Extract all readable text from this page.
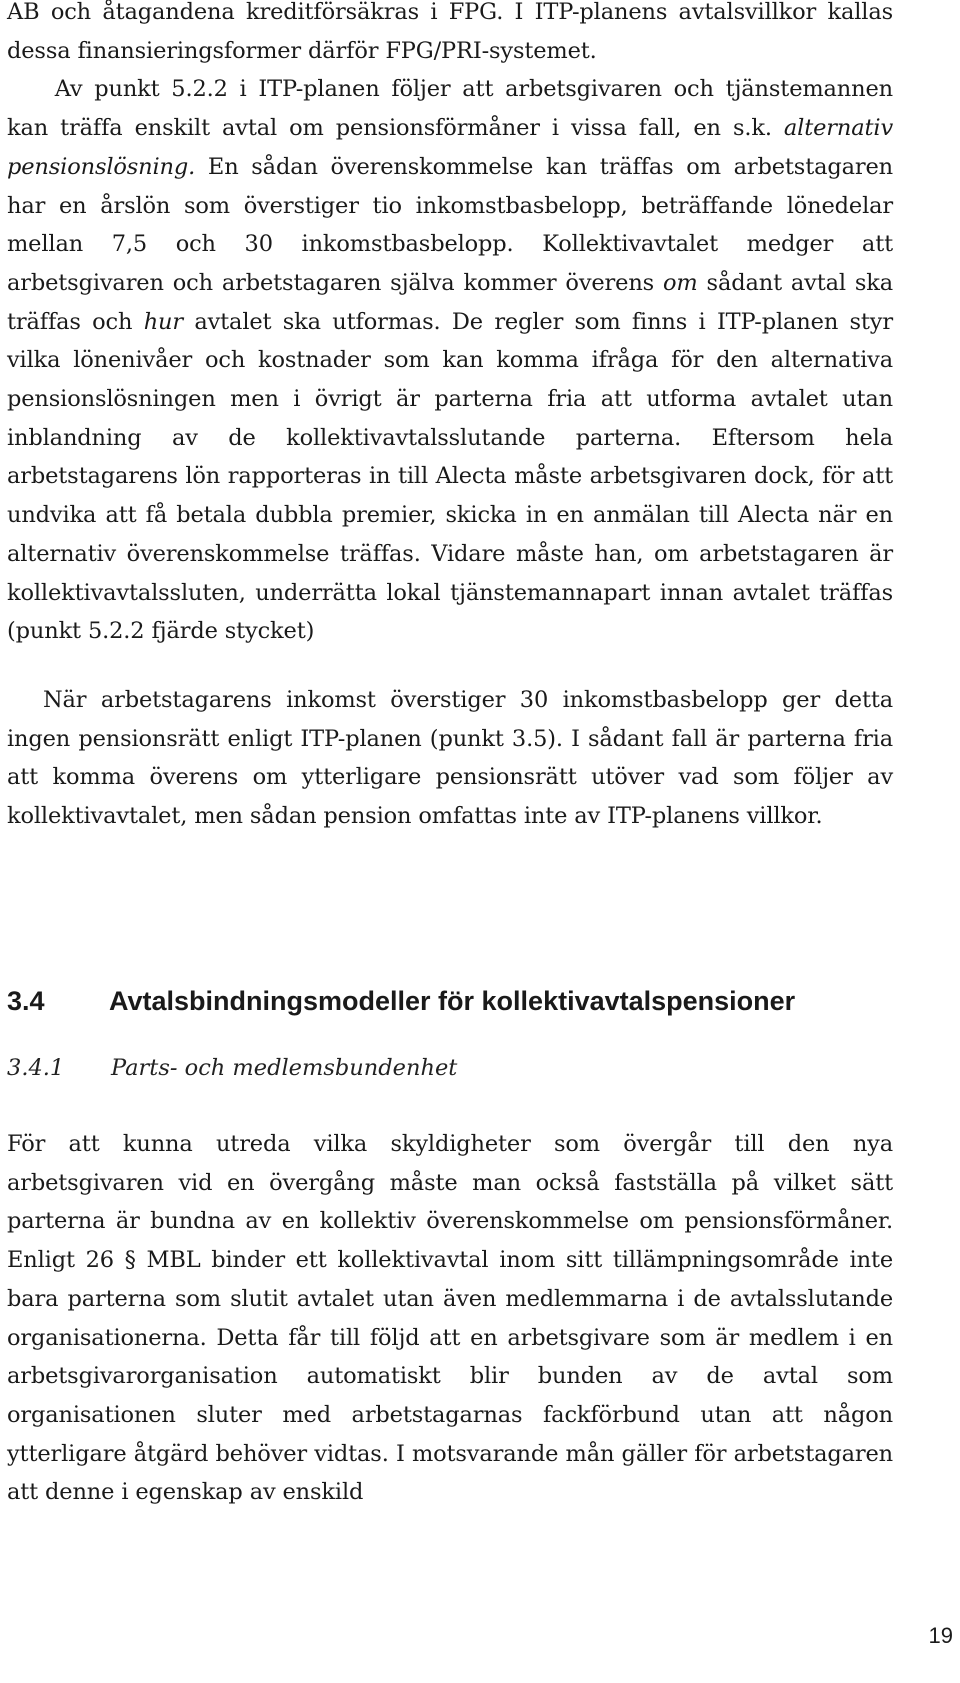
AB och åtagandena kreditförsäkras i FPG. I ITP-planens avtalsvillkor kallas dessa finansieringsformer därför FPG/PRI-systemet.
Av punkt 5.2.2 i ITP-planen följer att arbetsgivaren och tjänstemannen kan träffa enskilt avtal om pensionsförmåner i vissa fall, en s.k. alternativ pensionslösning. En sådan överenskommelse kan träffas om arbetstagaren har en årslön som överstiger tio inkomstbasbelopp, beträffande lönedelar mellan 7,5 och 30 inkomstbasbelopp. Kollektivavtalet medger att arbetsgivaren och arbetstagaren själva kommer överens om sådant avtal ska träffas och hur avtalet ska utformas. De regler som finns i ITP-planen styr vilka lönenivåer och kostnader som kan komma ifråga för den alternativa pensionslösningen men i övrigt är parterna fria att utforma avtalet utan inblandning av de kollektivavtalsslutande parterna. Eftersom hela arbetstagarens lön rapporteras in till Alecta måste arbetsgivaren dock, för att undvika att få betala dubbla premier, skicka in en anmälan till Alecta när en alternativ överenskommelse träffas. Vidare måste han, om arbetstagaren är kollektivavtalssluten, underrätta lokal tjänstemannapart innan avtalet träffas (punkt 5.2.2 fjärde stycket)

När arbetstagarens inkomst överstiger 30 inkomstbasbelopp ger detta ingen pensionsrätt enligt ITP-planen (punkt 3.5). I sådant fall är parterna fria att komma överens om ytterligare pensionsrätt utöver vad som följer av kollektivavtalet, men sådan pension omfattas inte av ITP-planens villkor.

3.4 Avtalsbindningsmodeller för kollektivavtalspensioner
3.4.1 Parts- och medlemsbundenhet

För att kunna utreda vilka skyldigheter som övergår till den nya arbetsgivaren vid en övergång måste man också fastställa på vilket sätt parterna är bundna av en kollektiv överenskommelse om pensionsförmåner. Enligt 26 § MBL binder ett kollektivavtal inom sitt tillämpningsområde inte bara parterna som slutit avtalet utan även medlemmarna i de avtalsslutande organisationerna. Detta får till följd att en arbetsgivare som är medlem i en arbetsgivarorganisation automatiskt blir bunden av de avtal som organisationen sluter med arbetstagarnas fackförbund utan att någon ytterligare åtgärd behöver vidtas. I motsvarande mån gäller för arbetstagaren att denne i egenskap av enskild

19
